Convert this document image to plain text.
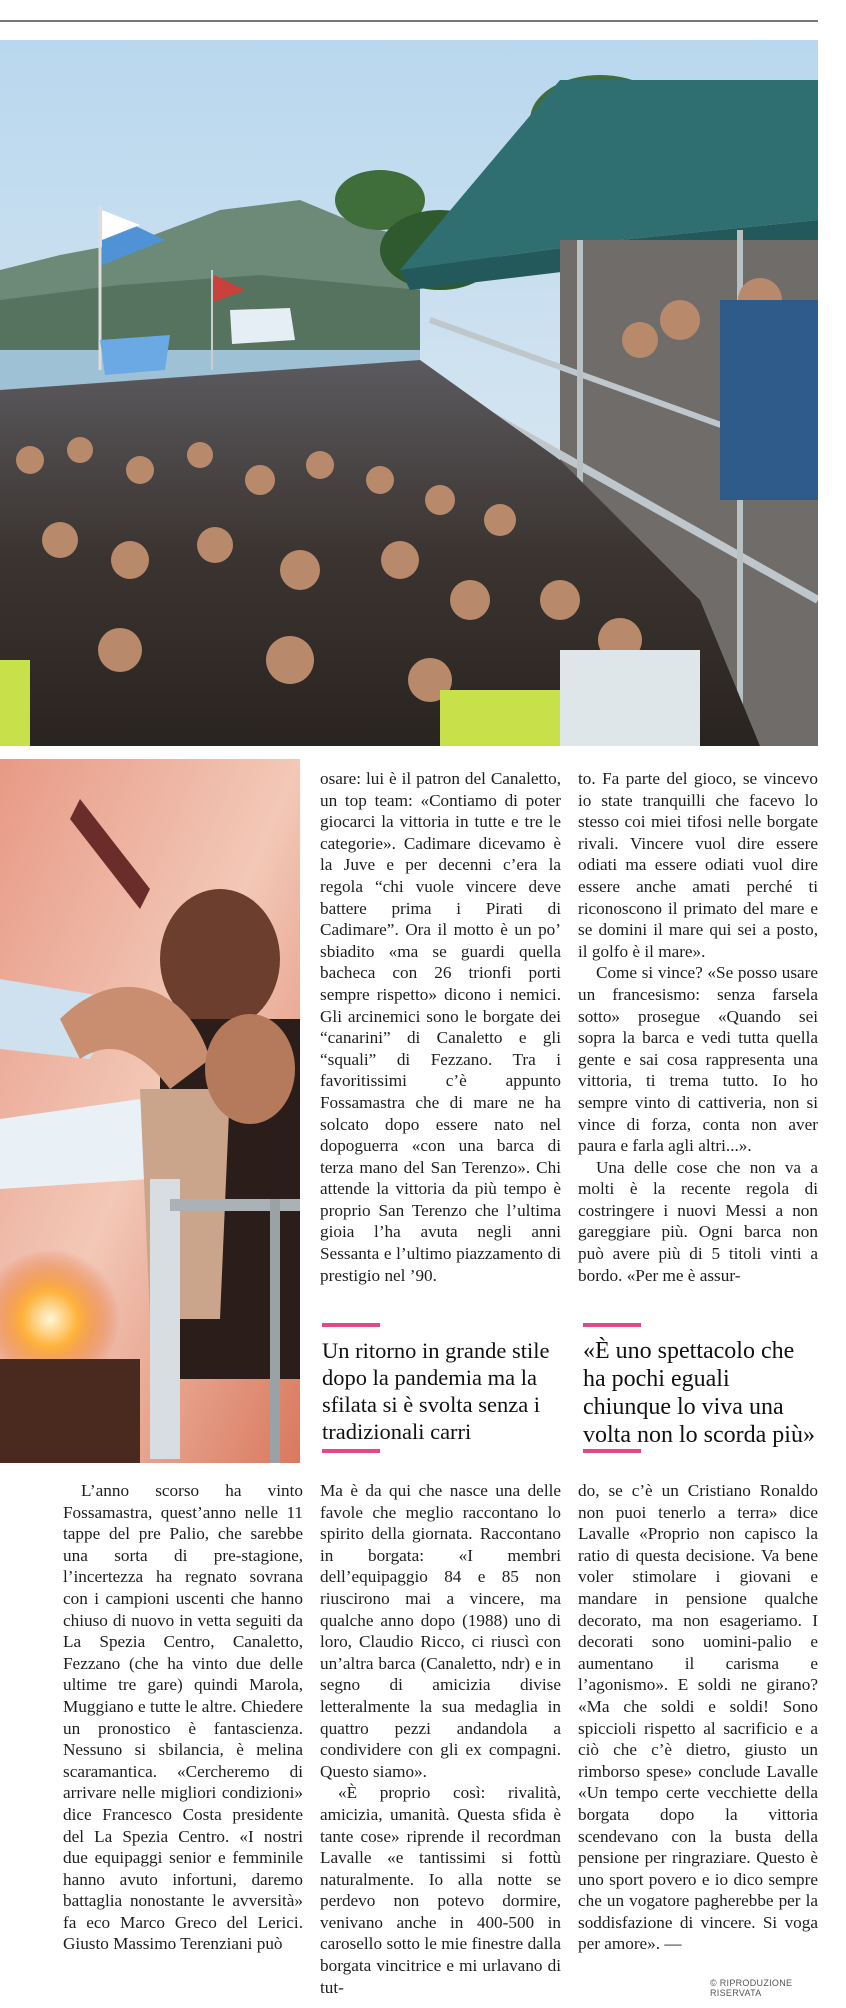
osare: lui è il patron del Canaletto, un top team: «Contiamo di poter giocarci la vittoria in tutte e tre le categorie». Cadimare dicevamo è la Juve e per decenni c’era la regola “chi vuole vincere deve battere prima i Pirati di Cadimare”. Ora il motto è un po’ sbiadito «ma se guardi quella bacheca con 26 trionfi porti sempre rispetto» dicono i nemici. Gli arcinemici sono le borgate dei “canarini” di Canaletto e gli “squali” di Fezzano. Tra i favoritissimi c’è appunto Fossamastra che di mare ne ha solcato dopo essere nato nel dopoguerra «con una barca di terza mano del San Terenzo». Chi attende la vittoria da più tempo è proprio San Terenzo che l’ultima gioia l’ha avuta negli anni Sessanta e l’ultimo piazzamento di prestigio nel ’90.

to. Fa parte del gioco, se vincevo io state tranquilli che facevo lo stesso coi miei tifosi nelle borgate rivali. Vincere vuol dire essere odiati ma essere odiati vuol dire essere anche amati perché ti riconoscono il primato del mare e se domini il mare qui sei a posto, il golfo è il mare».

Come si vince? «Se posso usare un francesismo: senza farsela sotto» prosegue «Quando sei sopra la barca e vedi tutta quella gente e sai cosa rappresenta una vittoria, ti trema tutto. Io ho sempre vinto di cattiveria, non si vince di forza, conta non aver paura e farla agli altri...».

Una delle cose che non va a molti è la recente regola di costringere i nuovi Messi a non gareggiare più. Ogni barca non può avere più di 5 titoli vinti a bordo. «Per me è assur-

Un ritorno in grande stile dopo la pandemia ma la sfilata si è svolta senza i tradizionali carri
«È uno spettacolo che ha pochi eguali chiunque lo viva una volta non lo scorda più»

L’anno scorso ha vinto Fossamastra, quest’anno nelle 11 tappe del pre Palio, che sarebbe una sorta di pre-stagione, l’incertezza ha regnato sovrana con i campioni uscenti che hanno chiuso di nuovo in vetta seguiti da La Spezia Centro, Canaletto, Fezzano (che ha vinto due delle ultime tre gare) quindi Marola, Muggiano e tutte le altre. Chiedere un pronostico è fantascienza. Nessuno si sbilancia, è melina scaramantica. «Cercheremo di arrivare nelle migliori condizioni» dice Francesco Costa presidente del La Spezia Centro. «I nostri due equipaggi senior e femminile hanno avuto infortuni, daremo battaglia nonostante le avversità» fa eco Marco Greco del Lerici. Giusto Massimo Terenziani può

Ma è da qui che nasce una delle favole che meglio raccontano lo spirito della giornata. Raccontano in borgata: «I membri dell’equipaggio 84 e 85 non riuscirono mai a vincere, ma qualche anno dopo (1988) uno di loro, Claudio Ricco, ci riuscì con un’altra barca (Canaletto, ndr) e in segno di amicizia divise letteralmente la sua medaglia in quattro pezzi andandola a condividere con gli ex compagni. Questo siamo».

«È proprio così: rivalità, amicizia, umanità. Questa sfida è tante cose» riprende il recordman Lavalle «e tantissimi si fottù naturalmente. Io alla notte se perdevo non potevo dormire, venivano anche in 400-500 in carosello sotto le mie finestre dalla borgata vincitrice e mi urlavano di tut-

do, se c’è un Cristiano Ronaldo non puoi tenerlo a terra» dice Lavalle «Proprio non capisco la ratio di questa decisione. Va bene voler stimolare i giovani e mandare in pensione qualche decorato, ma non esageriamo. I decorati sono uomini-palio e aumentano il carisma e l’agonismo». E soldi ne girano? «Ma che soldi e soldi! Sono spiccioli rispetto al sacrificio e a ciò che c’è dietro, giusto un rimborso spese» conclude Lavalle «Un tempo certe vecchiette della borgata dopo la vittoria scendevano con la busta della pensione per ringraziare. Questo è uno sport povero e io dico sempre che un vogatore pagherebbe per la soddisfazione di vincere. Si voga per amore». —

© RIPRODUZIONE RISERVATA
